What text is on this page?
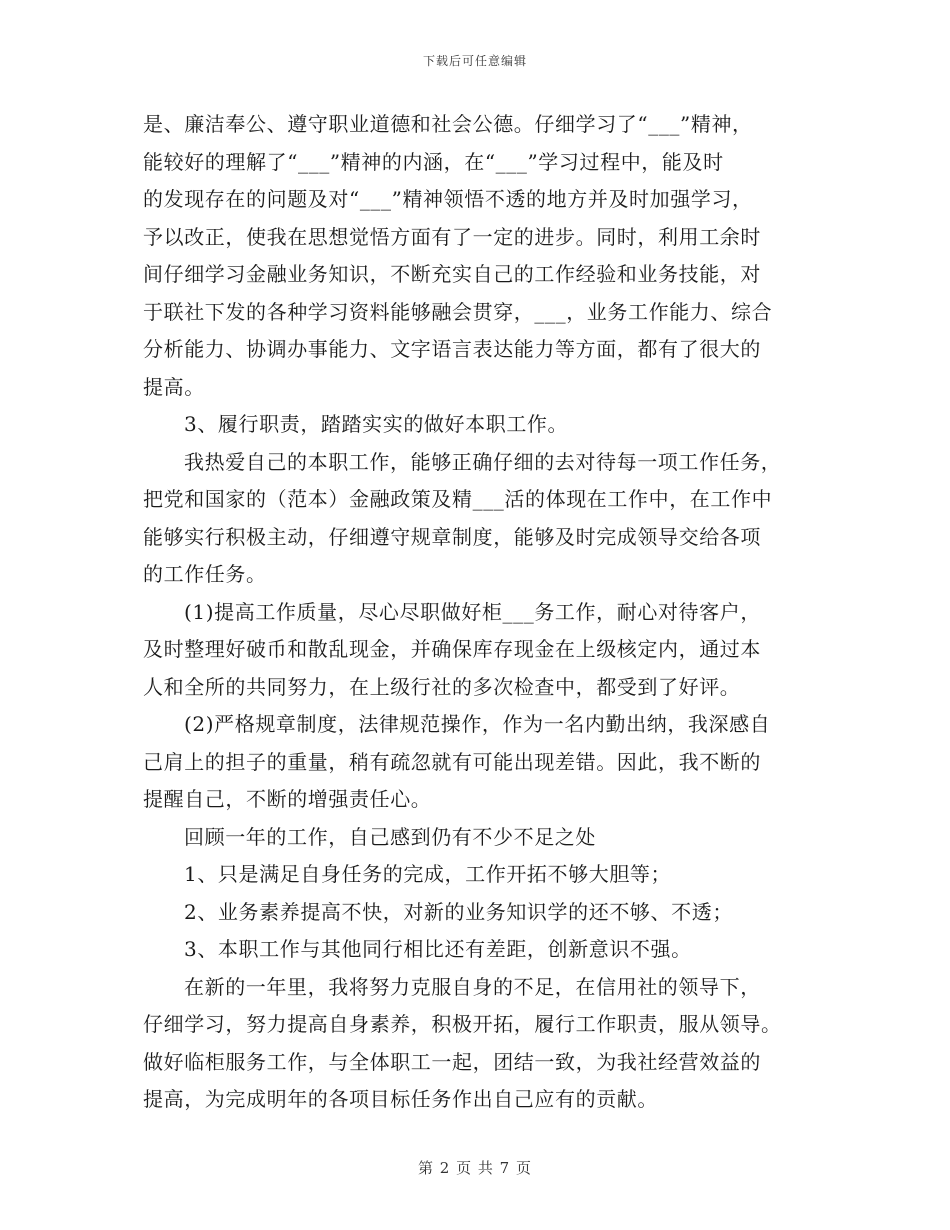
下载后可任意编辑

是、廉洁奉公、遵守职业道德和社会公德。仔细学习了“___”精神，
能较好的理解了“___”精神的内涵，在“___”学习过程中，能及时
的发现存在的问题及对“___”精神领悟不透的地方并及时加强学习，
予以改正，使我在思想觉悟方面有了一定的进步。同时，利用工余时
间仔细学习金融业务知识，不断充实自己的工作经验和业务技能，对
于联社下发的各种学习资料能够融会贯穿，___，业务工作能力、综合
分析能力、协调办事能力、文字语言表达能力等方面，都有了很大的
提高。

3、履行职责，踏踏实实的做好本职工作。

我热爱自己的本职工作，能够正确仔细的去对待每一项工作任务，
把党和国家的（范本）金融政策及精___活的体现在工作中，在工作中
能够实行积极主动，仔细遵守规章制度，能够及时完成领导交给各项
的工作任务。

(1)提高工作质量，尽心尽职做好柜___务工作，耐心对待客户，
及时整理好破币和散乱现金，并确保库存现金在上级核定内，通过本
人和全所的共同努力，在上级行社的多次检查中，都受到了好评。

(2)严格规章制度，法律规范操作，作为一名内勤出纳，我深感自
己肩上的担子的重量，稍有疏忽就有可能出现差错。因此，我不断的
提醒自己，不断的增强责任心。

回顾一年的工作，自己感到仍有不少不足之处

1、只是满足自身任务的完成，工作开拓不够大胆等；

2、业务素养提高不快，对新的业务知识学的还不够、不透；

3、本职工作与其他同行相比还有差距，创新意识不强。

在新的一年里，我将努力克服自身的不足，在信用社的领导下，
仔细学习，努力提高自身素养，积极开拓，履行工作职责，服从领导。
做好临柜服务工作，与全体职工一起，团结一致，为我社经营效益的
提高，为完成明年的各项目标任务作出自己应有的贡献。

第 2 页 共 7 页
